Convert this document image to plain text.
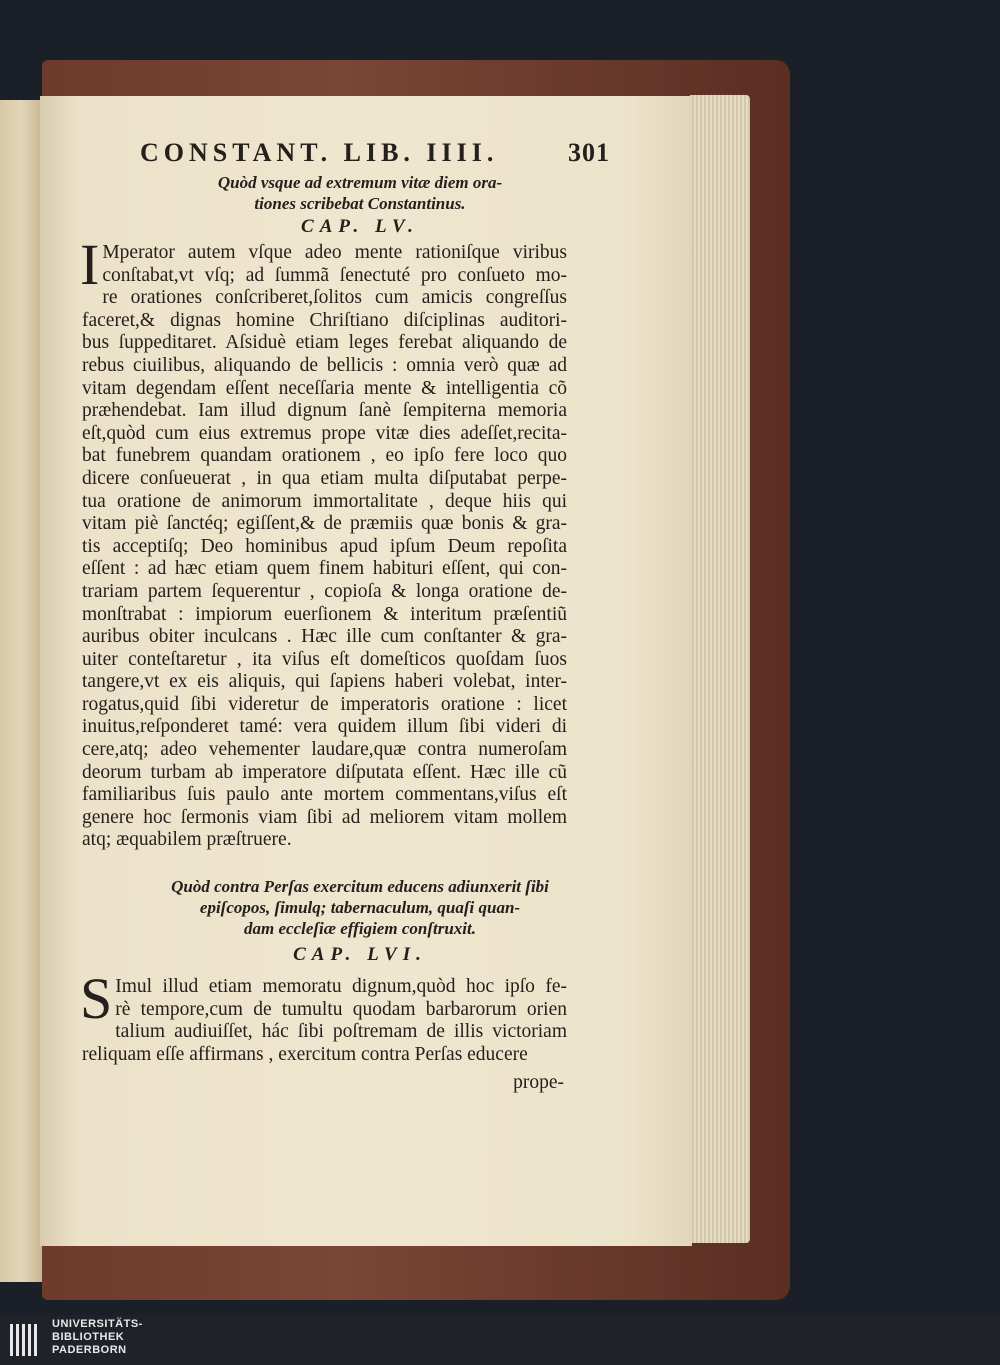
CONSTANT. LIB. IIII.	301
Quòd vsque ad extremum vitæ diem ora-
tiones scribebat Constantinus.
CAP. LV.
I Mperator autem vſque adeo mente rationiſque viribus
conſtabat,vt vſq; ad ſummã ſenectuté pro conſueto mo-
re orationes conſcriberet,ſolitos cum amicis congreſſus
faceret,& dignas homine Chriſtiano diſciplinas auditori-
bus ſuppeditaret. Aſsiduè etiam leges ferebat aliquando de
rebus ciuilibus, aliquando de bellicis : omnia verò quæ ad
vitam degendam eſſent neceſſaria mente & intelligentia cõ
præhendebat. Iam illud dignum ſanè ſempiterna memoria
eſt,quòd cum eius extremus prope vitæ dies adeſſet,recita-
bat funebrem quandam orationem , eo ipſo fere loco quo
dicere conſueuerat , in qua etiam multa diſputabat perpe-
tua oratione de animorum immortalitate , deque hiis qui
vitam piè ſanctéq; egiſſent,& de præmiis quæ bonis & gra-
tis acceptiſq; Deo hominibus apud ipſum Deum repoſita
eſſent : ad hæc etiam quem finem habituri eſſent, qui con-
trariam partem ſequerentur , copioſa & longa oratione de-
monſtrabat : impiorum euerſionem & interitum præſentiũ
auribus obiter inculcans . Hæc ille cum conſtanter & gra-
uiter conteſtaretur , ita viſus eſt domeſticos quoſdam ſuos
tangere,vt ex eis aliquis, qui ſapiens haberi volebat, inter-
rogatus,quid ſibi videretur de imperatoris oratione : licet
inuitus,reſponderet tamé: vera quidem illum ſibi videri di
cere,atq; adeo vehementer laudare,quæ contra numeroſam
deorum turbam ab imperatore diſputata eſſent. Hæc ille cũ
familiaribus ſuis paulo ante mortem commentans,viſus eſt
genere hoc ſermonis viam ſibi ad meliorem vitam mollem
atq; æquabilem præſtruere.
Quòd contra Perſas exercitum educens adiunxerit ſibi
epiſcopos, ſimulq; tabernaculum, quaſi quan-
dam eccleſiæ effigiem conſtruxit.
CAP. LVI.
S Imul illud etiam memoratu dignum,quòd hoc ipſo fe-
rè tempore,cum de tumultu quodam barbarorum orien
talium audiuiſſet, hác ſibi poſtremam de illis victoriam
reliquam eſſe affirmans , exercitum contra Perſas educere
prope-
UNIVERSITÄTS-
BIBLIOTHEK
PADERBORN
